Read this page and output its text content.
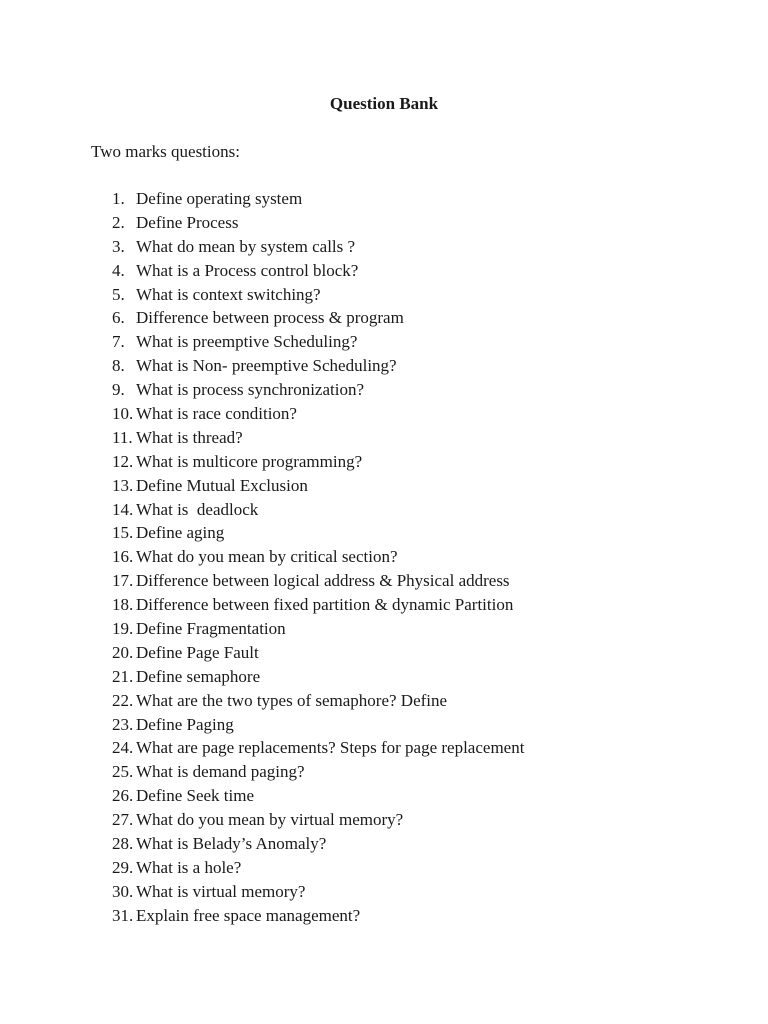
Question Bank
Two marks questions:
1. Define operating system
2. Define Process
3. What do mean by system calls ?
4. What is a Process control block?
5. What is context switching?
6. Difference between process & program
7. What is preemptive Scheduling?
8. What is Non- preemptive Scheduling?
9. What is process synchronization?
10. What is race condition?
11. What is thread?
12. What is multicore programming?
13. Define Mutual Exclusion
14. What is  deadlock
15. Define aging
16. What do you mean by critical section?
17. Difference between logical address & Physical address
18. Difference between fixed partition & dynamic Partition
19. Define Fragmentation
20. Define Page Fault
21. Define semaphore
22. What are the two types of semaphore? Define
23. Define Paging
24. What are page replacements? Steps for page replacement
25. What is demand paging?
26. Define Seek time
27. What do you mean by virtual memory?
28. What is Belady’s Anomaly?
29. What is a hole?
30. What is virtual memory?
31. Explain free space management?
